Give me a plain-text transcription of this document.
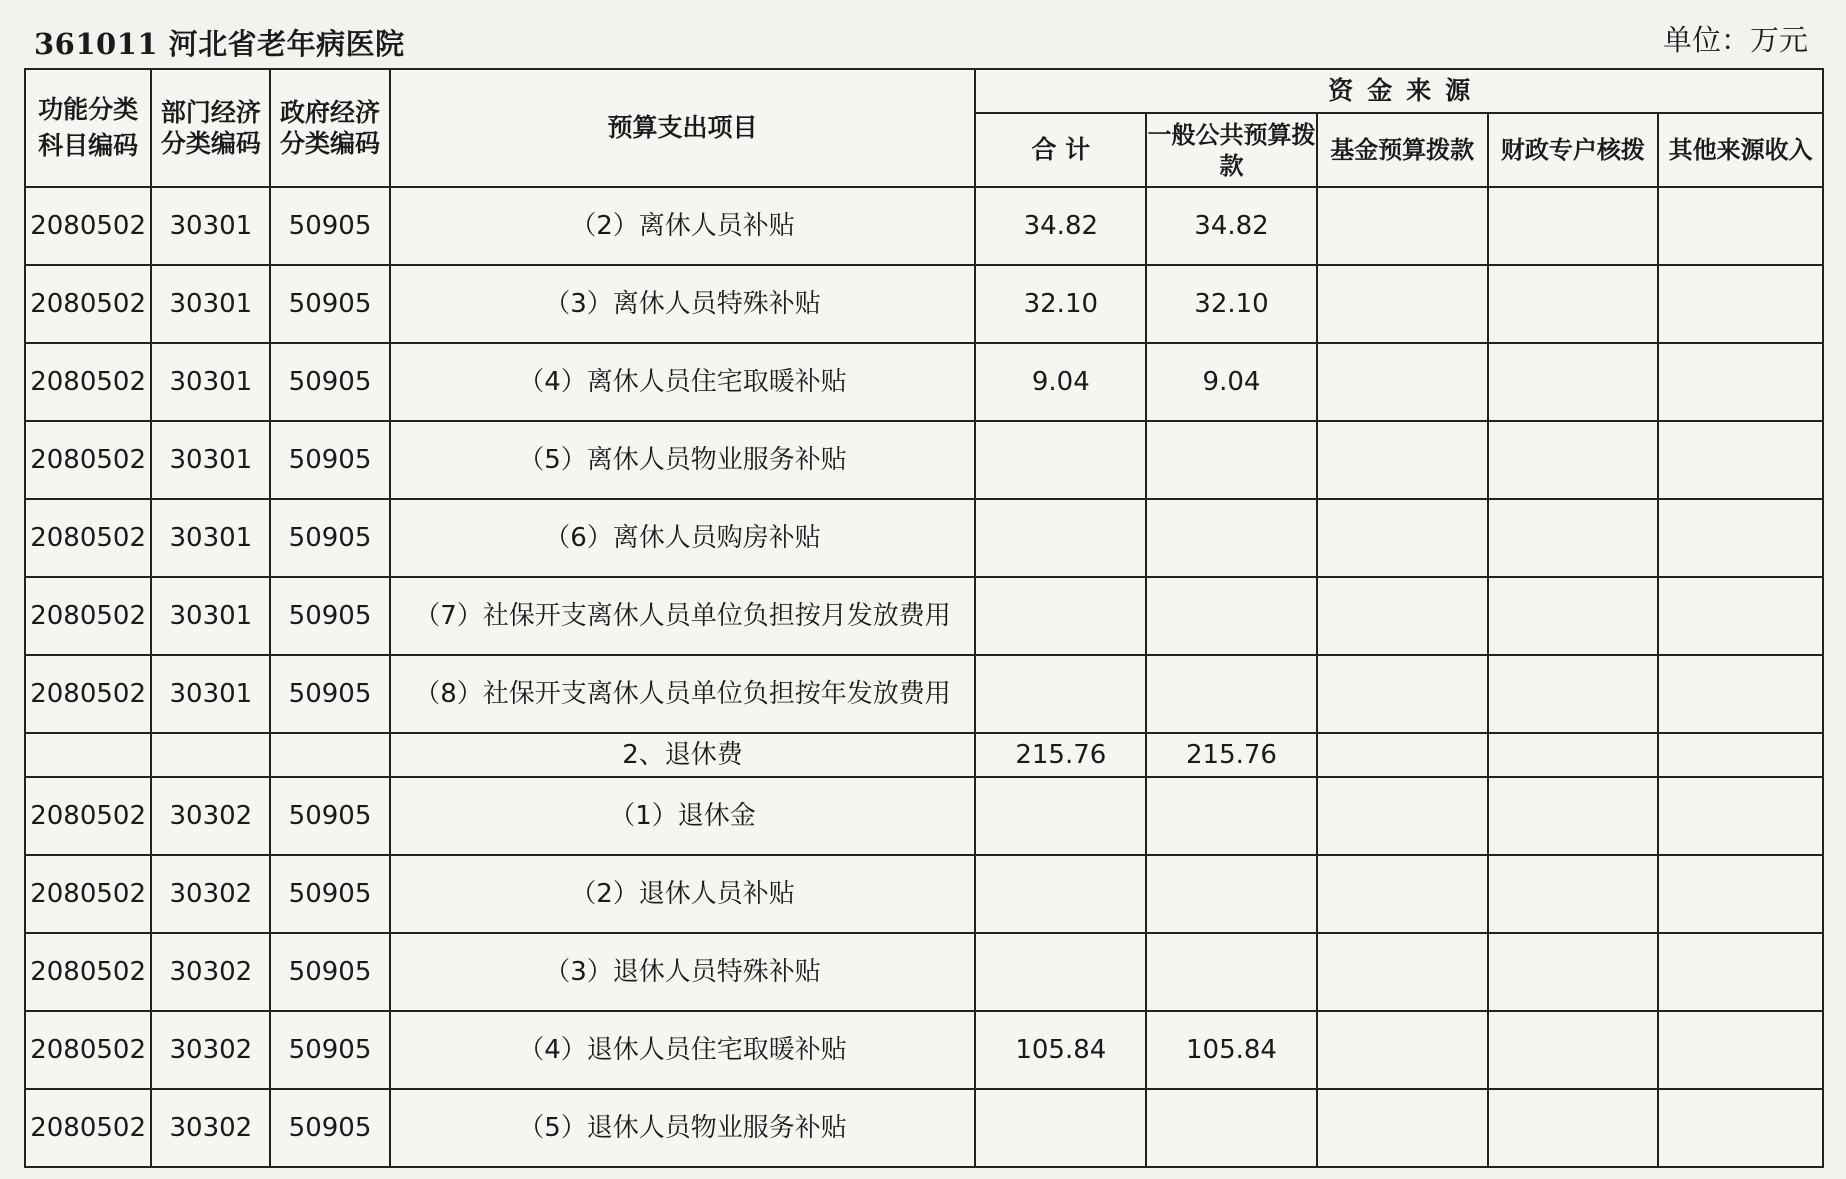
361011 河北省老年病医院	单位：万元
功能分类科目编码	部门经济分类编码	政府经济分类编码	预算支出项目	资金来源				
				合 计	一般公共预算拨款	基金预算拨款	财政专户核拨	其他来源收入
2080502	30301	50905	（2）离休人员补贴	34.82	34.82			
2080502	30301	50905	（3）离休人员特殊补贴	32.10	32.10			
2080502	30301	50905	（4）离休人员住宅取暖补贴	9.04	9.04			
2080502	30301	50905	（5）离休人员物业服务补贴					
2080502	30301	50905	（6）离休人员购房补贴					
2080502	30301	50905	（7）社保开支离休人员单位负担按月发放费用					
2080502	30301	50905	（8）社保开支离休人员单位负担按年发放费用					
			2、退休费	215.76	215.76			
2080502	30302	50905	（1）退休金					
2080502	30302	50905	（2）退休人员补贴					
2080502	30302	50905	（3）退休人员特殊补贴					
2080502	30302	50905	（4）退休人员住宅取暖补贴	105.84	105.84			
2080502	30302	50905	（5）退休人员物业服务补贴					
